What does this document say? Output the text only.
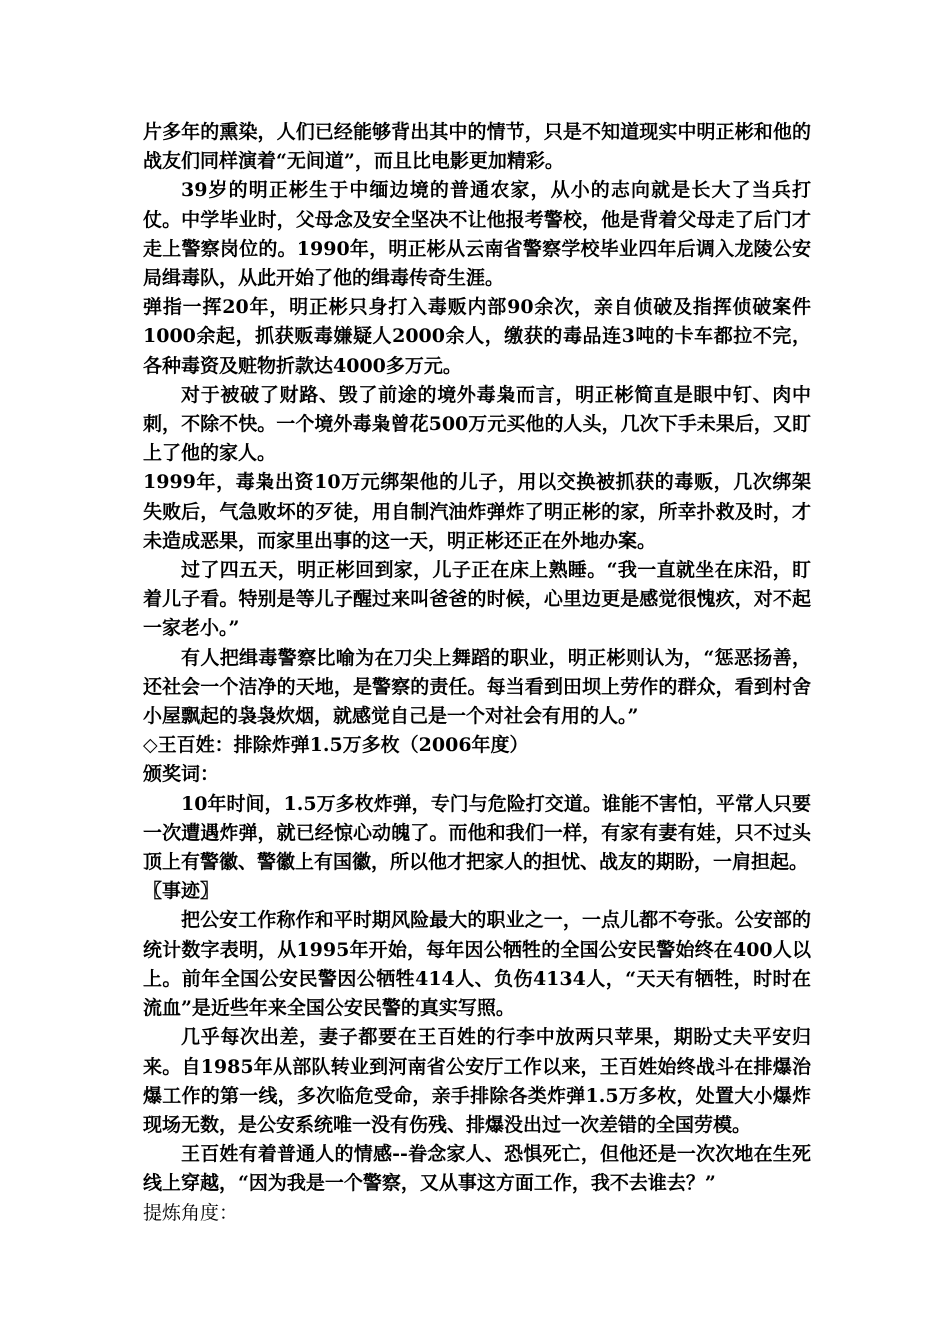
片多年的熏染，人们已经能够背出其中的情节，只是不知道现实中明正彬和他的战友们同样演着“无间道”，而且比电影更加精彩。

39岁的明正彬生于中缅边境的普通农家，从小的志向就是长大了当兵打仗。中学毕业时，父母念及安全坚决不让他报考警校，他是背着父母走了后门才走上警察岗位的。1990年，明正彬从云南省警察学校毕业四年后调入龙陵公安局缉毒队，从此开始了他的缉毒传奇生涯。

弹指一挥20年，明正彬只身打入毒贩内部90余次，亲自侦破及指挥侦破案件1000余起，抓获贩毒嫌疑人2000余人，缴获的毒品连3吨的卡车都拉不完，各种毒资及赃物折款达4000多万元。

对于被破了财路、毁了前途的境外毒枭而言，明正彬简直是眼中钉、肉中刺，不除不快。一个境外毒枭曾花500万元买他的人头，几次下手未果后，又盯上了他的家人。

1999年，毒枭出资10万元绑架他的儿子，用以交换被抓获的毒贩，几次绑架失败后，气急败坏的歹徒，用自制汽油炸弹炸了明正彬的家，所幸扑救及时，才未造成恶果，而家里出事的这一天，明正彬还正在外地办案。

过了四五天，明正彬回到家，儿子正在床上熟睡。“我一直就坐在床沿，盯着儿子看。特别是等儿子醒过来叫爸爸的时候，心里边更是感觉很愧疚，对不起一家老小。”

有人把缉毒警察比喻为在刀尖上舞蹈的职业，明正彬则认为，“惩恶扬善，还社会一个洁净的天地，是警察的责任。每当看到田坝上劳作的群众，看到村舍小屋飘起的袅袅炊烟，就感觉自己是一个对社会有用的人。”

◇王百姓：排除炸弹1.5万多枚（2006年度）

颁奖词：

10年时间，1.5万多枚炸弹，专门与危险打交道。谁能不害怕，平常人只要一次遭遇炸弹，就已经惊心动魄了。而他和我们一样，有家有妻有娃，只不过头顶上有警徽、警徽上有国徽，所以他才把家人的担忧、战友的期盼，一肩担起。

〖事迹〗

把公安工作称作和平时期风险最大的职业之一，一点儿都不夸张。公安部的统计数字表明，从1995年开始，每年因公牺牲的全国公安民警始终在400人以上。前年全国公安民警因公牺牲414人、负伤4134人，“天天有牺牲，时时在流血”是近些年来全国公安民警的真实写照。

几乎每次出差，妻子都要在王百姓的行李中放两只苹果，期盼丈夫平安归来。自1985年从部队转业到河南省公安厅工作以来，王百姓始终战斗在排爆治爆工作的第一线，多次临危受命，亲手排除各类炸弹1.5万多枚，处置大小爆炸现场无数，是公安系统唯一没有伤残、排爆没出过一次差错的全国劳模。

王百姓有着普通人的情感--眷念家人、恐惧死亡，但他还是一次次地在生死线上穿越，“因为我是一个警察，又从事这方面工作，我不去谁去？”

提炼角度：
